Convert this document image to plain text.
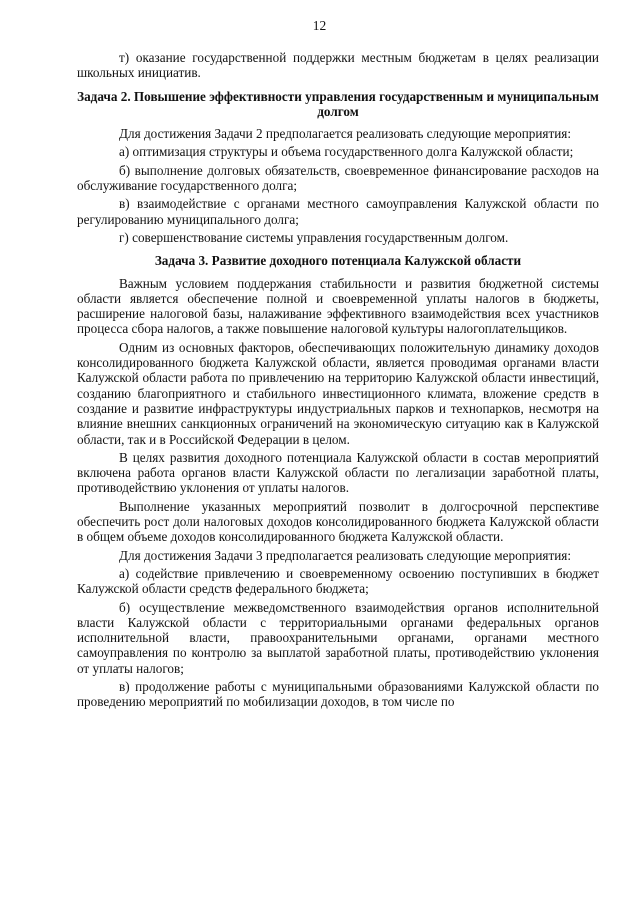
12

т) оказание государственной поддержки местным бюджетам в целях реализации школьных инициатив.

Задача 2. Повышение эффективности управления государственным и муниципальным долгом

Для достижения Задачи 2 предполагается реализовать следующие мероприятия:

а) оптимизация структуры и объема государственного долга Калужской области;

б) выполнение долговых обязательств, своевременное финансирование расходов на обслуживание государственного долга;

в) взаимодействие с органами местного самоуправления Калужской области по регулированию муниципального долга;

г) совершенствование системы управления государственным долгом.

Задача 3. Развитие доходного потенциала Калужской области

Важным условием поддержания стабильности и развития бюджетной системы области является обеспечение полной и своевременной уплаты налогов в бюджеты, расширение налоговой базы, налаживание эффективного взаимодействия всех участников процесса сбора налогов, а также повышение налоговой культуры налогоплательщиков.

Одним из основных факторов, обеспечивающих положительную динамику доходов консолидированного бюджета Калужской области, является проводимая органами власти Калужской области работа по привлечению на территорию Калужской области инвестиций, созданию благоприятного и стабильного инвестиционного климата, вложение средств в создание и развитие инфраструктуры индустриальных парков и технопарков, несмотря на влияние внешних санкционных ограничений на экономическую ситуацию как в Калужской области, так и в Российской Федерации в целом.

В целях развития доходного потенциала Калужской области в состав мероприятий включена работа органов власти Калужской области по легализации заработной платы, противодействию уклонения от уплаты налогов.

Выполнение указанных мероприятий позволит в долгосрочной перспективе обеспечить рост доли налоговых доходов консолидированного бюджета Калужской области в общем объеме доходов консолидированного бюджета Калужской области.

Для достижения Задачи 3 предполагается реализовать следующие мероприятия:

а) содействие привлечению и своевременному освоению поступивших в бюджет Калужской области средств федерального бюджета;

б) осуществление межведомственного взаимодействия органов исполнительной власти Калужской области с территориальными органами федеральных органов исполнительной власти, правоохранительными органами, органами местного самоуправления по контролю за выплатой заработной платы, противодействию уклонения от уплаты налогов;

в) продолжение работы с муниципальными образованиями Калужской области по проведению мероприятий по мобилизации доходов, в том числе по
